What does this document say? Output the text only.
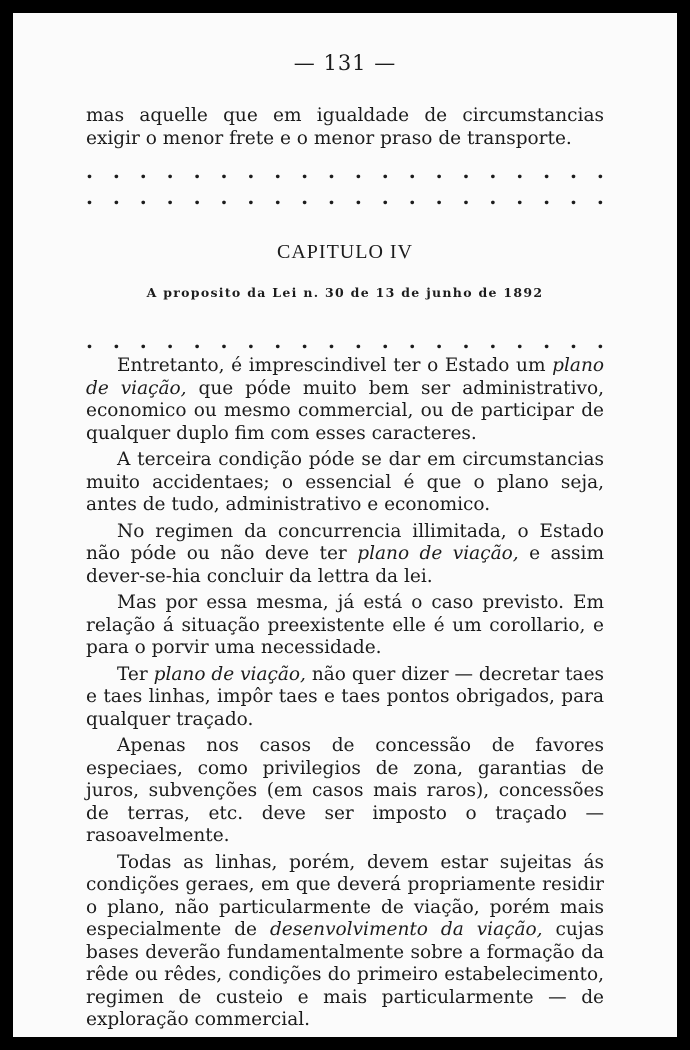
— 131 —

mas aquelle que em igualdade de circumstancias exigir o menor frete e o menor praso de transporte.

. . . . . . . . . . . . . . . . . . . .
. . . . . . . . . . . . . . . . . . . .
CAPITULO IV
A proposito da Lei n. 30 de 13 de junho de 1892
. . . . . . . . . . . . . . . . . . . .

Entretanto, é imprescindivel ter o Estado um plano de viação, que póde muito bem ser administrativo, economico ou mesmo commercial, ou de participar de qualquer duplo fim com esses caracteres.

A terceira condição póde se dar em circumstancias muito accidentaes; o essencial é que o plano seja, antes de tudo, administrativo e economico.

No regimen da concurrencia illimitada, o Estado não póde ou não deve ter plano de viação, e assim dever-se-hia concluir da lettra da lei.

Mas por essa mesma, já está o caso previsto. Em relação á situação preexistente elle é um corollario, e para o porvir uma necessidade.

Ter plano de viação, não quer dizer — decretar taes e taes linhas, impôr taes e taes pontos obrigados, para qualquer traçado.

Apenas nos casos de concessão de favores especiaes, como privilegios de zona, garantias de juros, subvenções (em casos mais raros), concessões de terras, etc. deve ser imposto o traçado — rasoavelmente.

Todas as linhas, porém, devem estar sujeitas ás condições geraes, em que deverá propriamente residir o plano, não particularmente de viação, porém mais especialmente de desenvolvimento da viação, cujas bases deverão fundamentalmente sobre a formação da rêde ou rêdes, condições do primeiro estabelecimento, regimen de custeio e mais particularmente — de exploração commercial.
